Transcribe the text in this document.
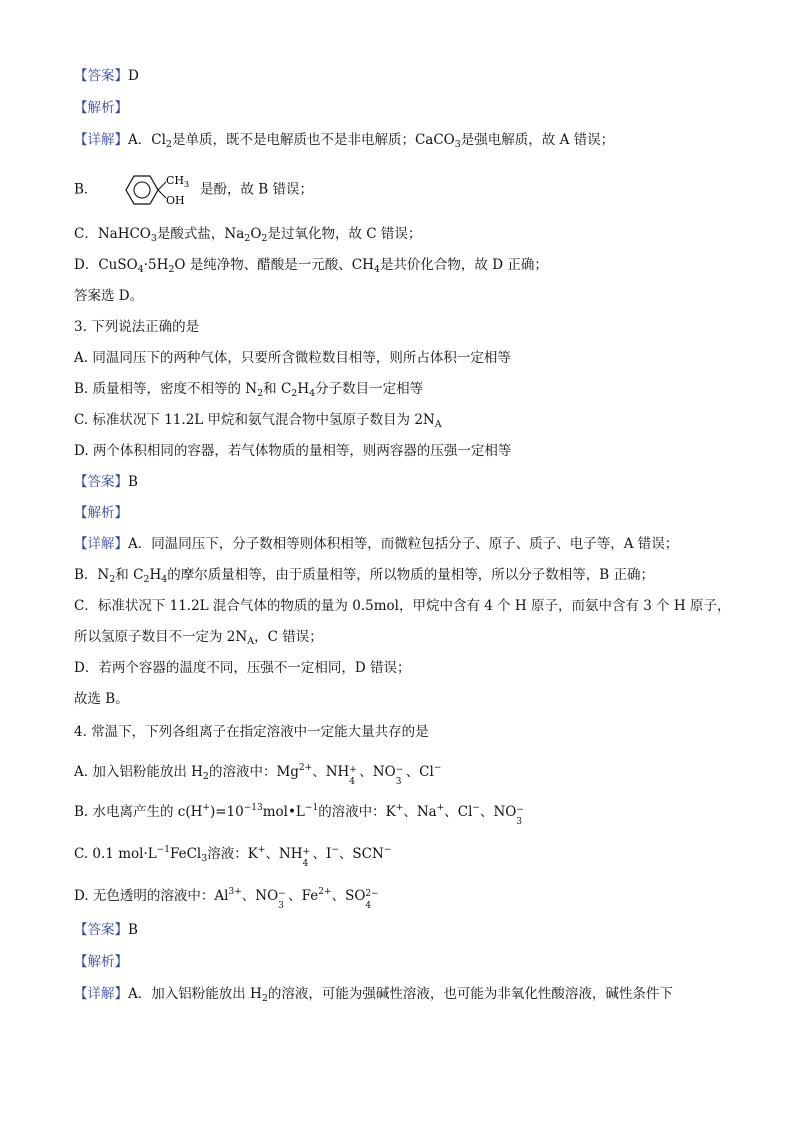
【答案】D
【解析】
【详解】A．$Cl_2$是单质，既不是电解质也不是非电解质；CaCO$_3$是强电解质，故 A 错误；
B．
$CH_3$
OH
是酚，故 B 错误；
C．NaHCO$_3$是酸式盐，$Na_2O_2$是过氧化物，故 C 错误；
D．$CuSO_4\cdot 5H_2O$ 是纯净物、醋酸是一元酸、$CH_4$是共价化合物，故 D 正确；
答案选 D。
3. 下列说法正确的是
A. 同温同压下的两种气体，只要所含微粒数目相等，则所占体积一定相等
B. 质量相等，密度不相等的 $N_2$和 $C_2H_4$分子数目一定相等
C. 标准状况下 11.2L 甲烷和氨气混合物中氢原子数目为 $2N_A$
D. 两个体积相同的容器，若气体物质的量相等，则两容器的压强一定相等
【答案】B
【解析】
【详解】A．同温同压下，分子数相等则体积相等，而微粒包括分子、原子、质子、电子等，A 错误；
B．$N_2$和 $C_2H_4$的摩尔质量相等，由于质量相等，所以物质的量相等，所以分子数相等，B 正确；
C．标准状况下 11.2L 混合气体的物质的量为 0.5mol，甲烷中含有 4 个 H 原子，而氨中含有 3 个 H 原子，
所以氢原子数目不一定为 $2N_A$，C 错误；
D．若两个容器的温度不同，压强不一定相同，D 错误；
故选 B。
4. 常温下，下列各组离子在指定溶液中一定能大量共存的是
A. 加入铝粉能放出 $H_2$的溶液中：$Mg^{2+}$、NH +
4
、NO −
3
、Cl−
B. 水电离产生的 $c(H^+)=10^{-13}mol•L^{-1}$的溶液中：K+、Na+、Cl−、NO −
3
C. 0.1 $mol\cdot L^{-1}FeCl_3$溶液：K+、NH +
4
、I−、SCN−
D. 无色透明的溶液中：$Al^{3+}$、NO −
3
、$Fe^{2+}$、SO 2−
4
【答案】B
【解析】
【详解】A．加入铝粉能放出 $H_2$的溶液，可能为强碱性溶液，也可能为非氧化性酸溶液，碱性条件下
